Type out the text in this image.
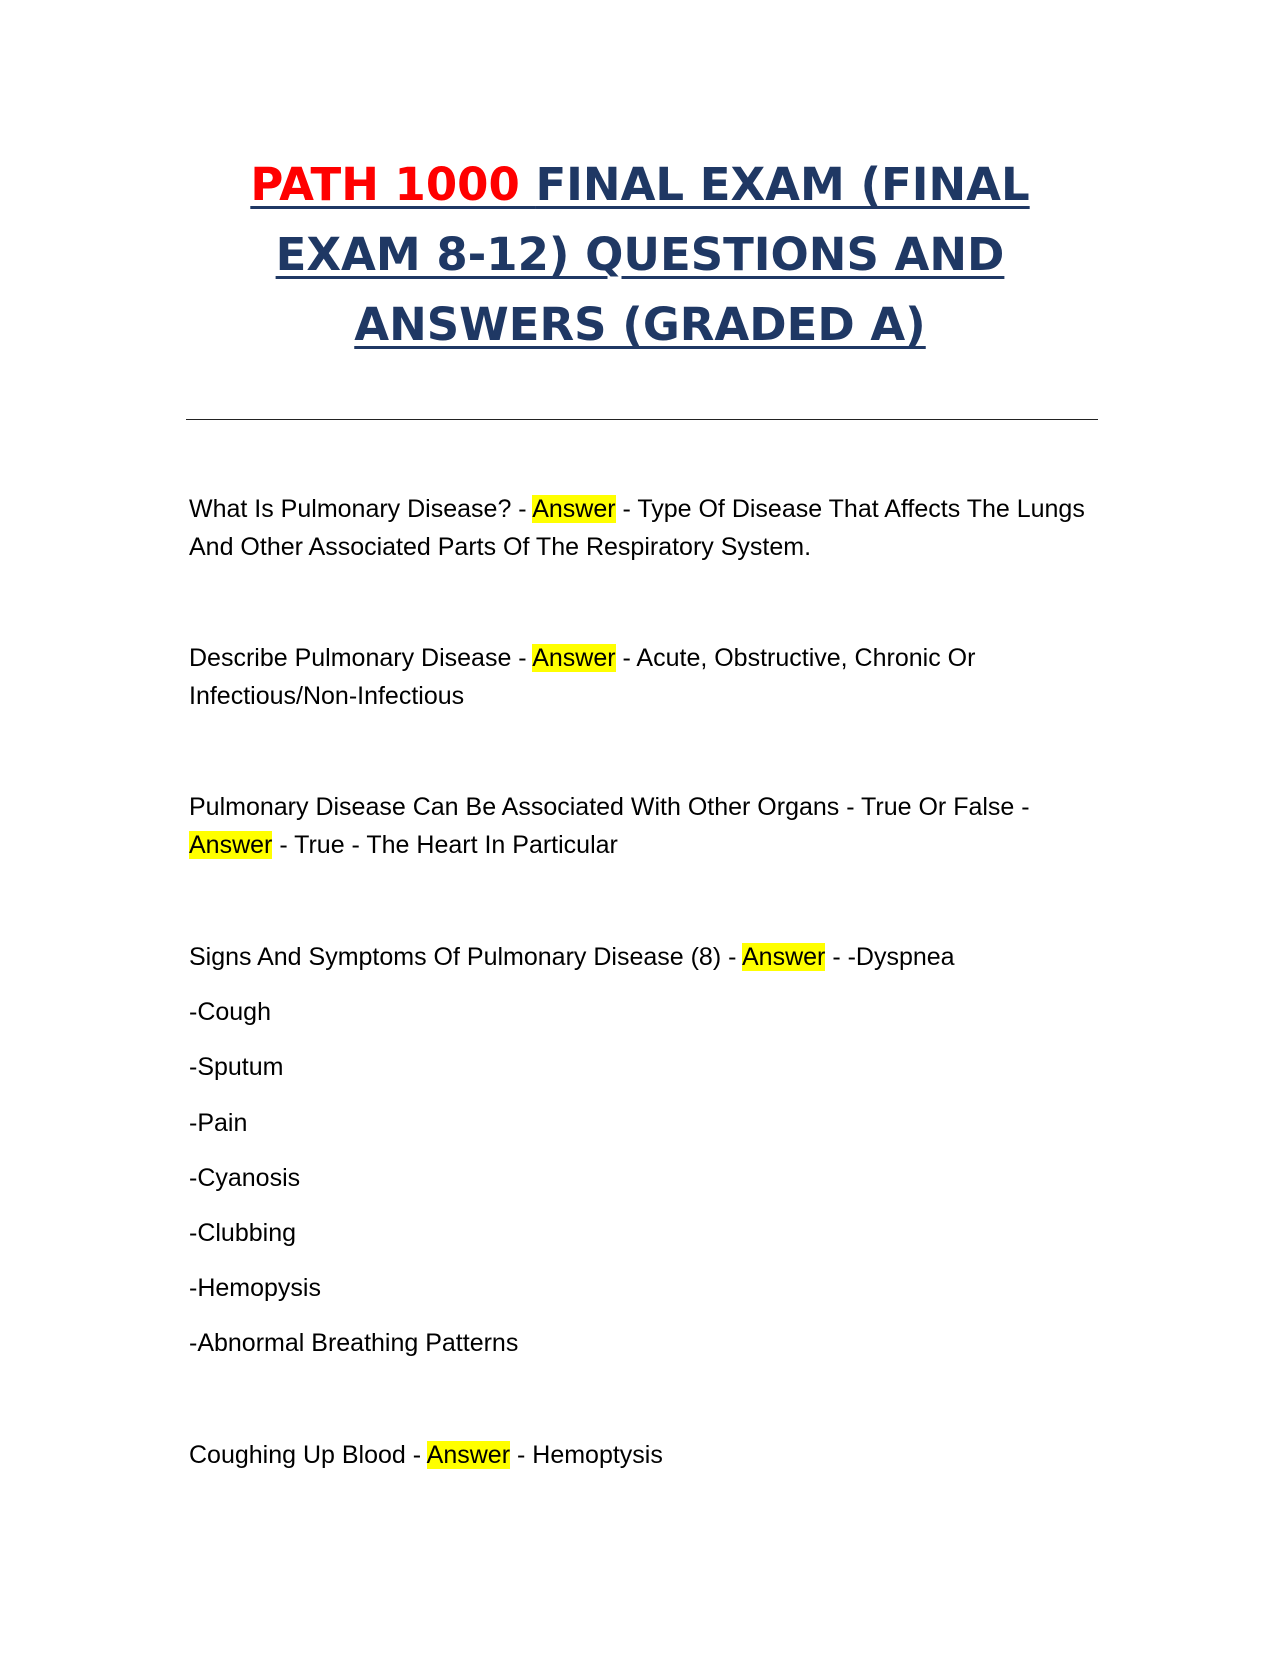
PATH 1000 FINAL EXAM (FINAL EXAM 8-12) QUESTIONS AND ANSWERS (GRADED A)

What Is Pulmonary Disease? - Answer - Type Of Disease That Affects The Lungs And Other Associated Parts Of The Respiratory System.

Describe Pulmonary Disease - Answer - Acute, Obstructive, Chronic Or Infectious/Non-Infectious

Pulmonary Disease Can Be Associated With Other Organs - True Or False - Answer - True - The Heart In Particular

Signs And Symptoms Of Pulmonary Disease (8) - Answer - -Dyspnea

-Cough

-Sputum

-Pain

-Cyanosis

-Clubbing

-Hemopysis

-Abnormal Breathing Patterns

Coughing Up Blood - Answer - Hemoptysis
